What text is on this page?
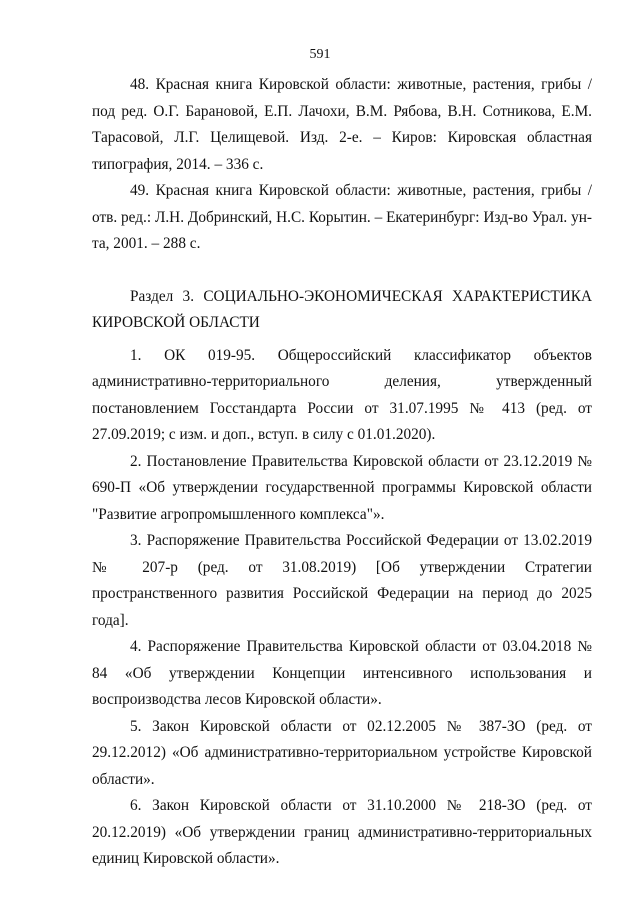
591

48. Красная книга Кировской области: животные, растения, грибы / под ред. О.Г. Барановой, Е.П. Лачохи, В.М. Рябова, В.Н. Сотникова, Е.М. Тарасовой, Л.Г. Целищевой. Изд. 2-е. – Киров: Кировская областная типография, 2014. – 336 с.

49. Красная книга Кировской области: животные, растения, грибы / отв. ред.: Л.Н. Добринский, Н.С. Корытин. – Екатеринбург: Изд-во Урал. ун-та, 2001. – 288 с.

Раздел 3. СОЦИАЛЬНО-ЭКОНОМИЧЕСКАЯ ХАРАКТЕРИСТИКА КИРОВСКОЙ ОБЛАСТИ

1. ОК 019-95. Общероссийский классификатор объектов административно-территориального деления, утвержденный постановлением Госстандарта России от 31.07.1995 № 413 (ред. от 27.09.2019; с изм. и доп., вступ. в силу с 01.01.2020).

2. Постановление Правительства Кировской области от 23.12.2019 № 690-П «Об утверждении государственной программы Кировской области "Развитие агропромышленного комплекса"».

3. Распоряжение Правительства Российской Федерации от 13.02.2019 № 207-р (ред. от 31.08.2019) [Об утверждении Стратегии пространственного развития Российской Федерации на период до 2025 года].

4. Распоряжение Правительства Кировской области от 03.04.2018 № 84 «Об утверждении Концепции интенсивного использования и воспроизводства лесов Кировской области».

5. Закон Кировской области от 02.12.2005 № 387-ЗО (ред. от 29.12.2012) «Об административно-территориальном устройстве Кировской области».

6. Закон Кировской области от 31.10.2000 № 218-ЗО (ред. от 20.12.2019) «Об утверждении границ административно-территориальных единиц Кировской области».
